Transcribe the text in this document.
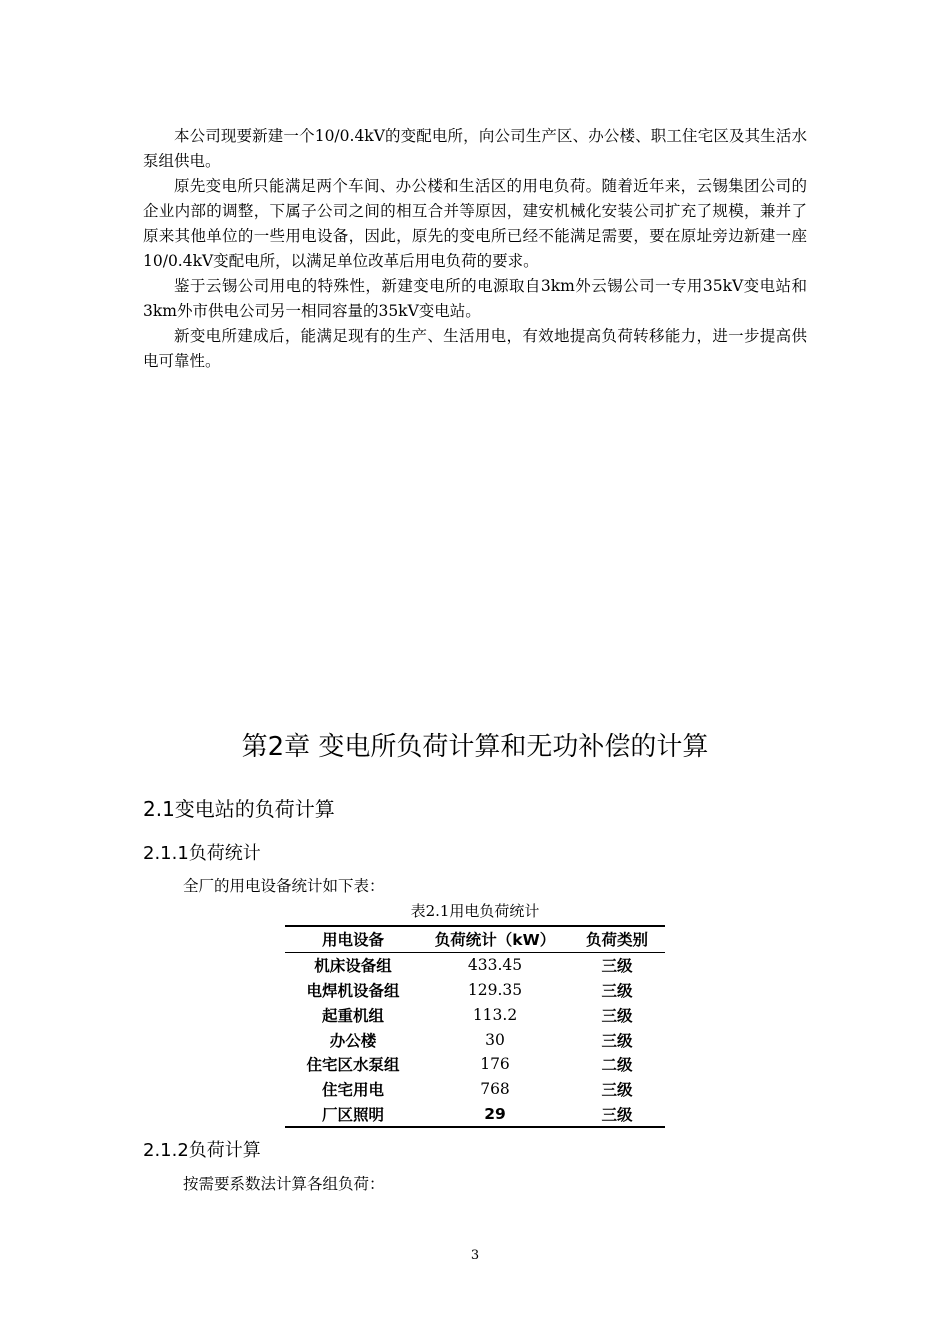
本公司现要新建一个10/0.4kV的变配电所，向公司生产区、办公楼、职工住宅区及其生活水泵组供电。

原先变电所只能满足两个车间、办公楼和生活区的用电负荷。随着近年来，云锡集团公司的企业内部的调整，下属子公司之间的相互合并等原因，建安机械化安装公司扩充了规模，兼并了原来其他单位的一些用电设备，因此，原先的变电所已经不能满足需要，要在原址旁边新建一座10/0.4kV变配电所，以满足单位改革后用电负荷的要求。

鉴于云锡公司用电的特殊性，新建变电所的电源取自3km外云锡公司一专用35kV变电站和3km外市供电公司另一相同容量的35kV变电站。

新变电所建成后，能满足现有的生产、生活用电，有效地提高负荷转移能力，进一步提高供电可靠性。

第2章 变电所负荷计算和无功补偿的计算
2.1变电站的负荷计算
2.1.1负荷统计

全厂的用电设备统计如下表：

表2.1用电负荷统计

用电设备	负荷统计（kW）	负荷类别
机床设备组	433.45	三级
电焊机设备组	129.35	三级
起重机组	113.2	三级
办公楼	30	三级
住宅区水泵组	176	二级
住宅用电	768	三级
厂区照明	29	三级
2.1.2负荷计算

按需要系数法计算各组负荷：

3
